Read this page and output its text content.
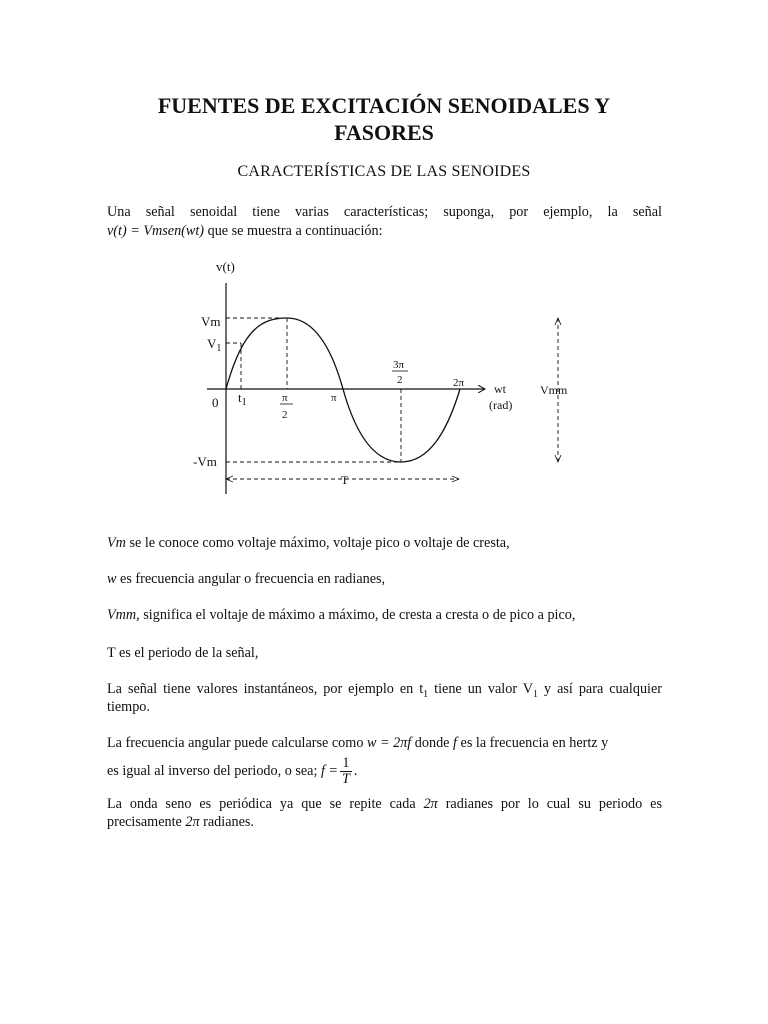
FUENTES DE EXCITACIÓN SENOIDALES Y
FASORES
CARACTERÍSTICAS DE LAS SENOIDES

Una señal senoidal tiene varias características; suponga, por ejemplo, la señal

v(t) = Vmsen(wt) que se muestra a continuación:

v(t)
Vm
$V_1$
-Vm
0 $t_1$	π
2
π
3π
2	2π wt
(rad)
Vmm
T

Vm se le conoce como voltaje máximo, voltaje pico o voltaje de cresta,

w es frecuencia angular o frecuencia en radianes,

Vmm, significa el voltaje de máximo a máximo, de cresta a cresta o de pico a pico,

T es el periodo de la señal,

La señal tiene valores instantáneos, por ejemplo en $t_1$ tiene un valor $V_1$ y así para cualquier

tiempo.

La frecuencia angular puede calcularse como w = 2πf donde f es la frecuencia en hertz y

es igual al inverso del periodo, o sea; $f = \frac{1}{T}$ .

La onda seno es periódica ya que se repite cada 2π radianes por lo cual su periodo es

precisamente 2π radianes.
